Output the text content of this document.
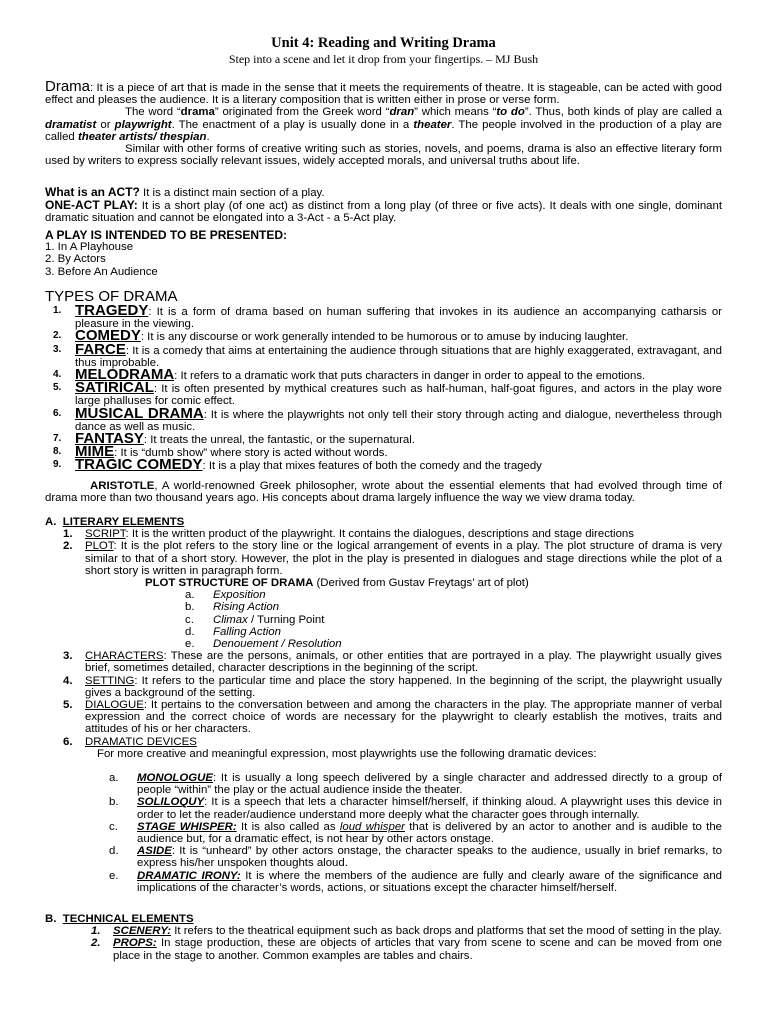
Unit 4: Reading and Writing Drama
Step into a scene and let it drop from your fingertips. – MJ Bush

Drama: It is a piece of art that is made in the sense that it meets the requirements of theatre. It is stageable, can be acted with good effect and pleases the audience. It is a literary composition that is written either in prose or verse form.

The word “drama” originated from the Greek word “dran” which means “to do”. Thus, both kinds of play are called a dramatist or playwright. The enactment of a play is usually done in a theater. The people involved in the production of a play are called theater artists/ thespian.

Similar with other forms of creative writing such as stories, novels, and poems, drama is also an effective literary form used by writers to express socially relevant issues, widely accepted morals, and universal truths about life.

What is an ACT? It is a distinct main section of a play.

ONE-ACT PLAY: It is a short play (of one act) as distinct from a long play (of three or five acts). It deals with one single, dominant dramatic situation and cannot be elongated into a 3-Act - a 5-Act play.

A PLAY IS INTENDED TO BE PRESENTED:

1. In A Playhouse

2. By Actors

3. Before An Audience

TYPES OF DRAMA

1. TRAGEDY: It is a form of drama based on human suffering that invokes in its audience an accompanying catharsis or pleasure in the viewing.
2. COMEDY: It is any discourse or work generally intended to be humorous or to amuse by inducing laughter.
3. FARCE: It is a comedy that aims at entertaining the audience through situations that are highly exaggerated, extravagant, and thus improbable.
4. MELODRAMA: It refers to a dramatic work that puts characters in danger in order to appeal to the emotions.
5. SATIRICAL: It is often presented by mythical creatures such as half-human, half-goat figures, and actors in the play wore large phalluses for comic effect.
6. MUSICAL DRAMA: It is where the playwrights not only tell their story through acting and dialogue, nevertheless through dance as well as music.
7. FANTASY: It treats the unreal, the fantastic, or the supernatural.
8. MIME: It is “dumb show” where story is acted without words.
9. TRAGIC COMEDY: It is a play that mixes features of both the comedy and the tragedy

ARISTOTLE, A world-renowned Greek philosopher, wrote about the essential elements that had evolved through time of drama more than two thousand years ago. His concepts about drama largely influence the way we view drama today.

A. LITERARY ELEMENTS

1. SCRIPT: It is the written product of the playwright. It contains the dialogues, descriptions and stage directions
2. PLOT: It is the plot refers to the story line or the logical arrangement of events in a play. The plot structure of drama is very similar to that of a short story. However, the plot in the play is presented in dialogues and stage directions while the plot of a short story is written in paragraph form.

PLOT STRUCTURE OF DRAMA (Derived from Gustav Freytags’ art of plot)

a. Exposition
b. Rising Action
c. Climax / Turning Point
d. Falling Action
e. Denouement / Resolution
3. CHARACTERS: These are the persons, animals, or other entities that are portrayed in a play. The playwright usually gives brief, sometimes detailed, character descriptions in the beginning of the script.
4. SETTING: It refers to the particular time and place the story happened. In the beginning of the script, the playwright usually gives a background of the setting.
5. DIALOGUE: It pertains to the conversation between and among the characters in the play. The appropriate manner of verbal expression and the correct choice of words are necessary for the playwright to clearly establish the motives, traits and attitudes of his or her characters.
6. DRAMATIC DEVICES

For more creative and meaningful expression, most playwrights use the following dramatic devices:

a. MONOLOGUE: It is usually a long speech delivered by a single character and addressed directly to a group of people “within” the play or the actual audience inside the theater.
b. SOLILOQUY: It is a speech that lets a character himself/herself, if thinking aloud. A playwright uses this device in order to let the reader/audience understand more deeply what the character goes through internally.
c. STAGE WHISPER: It is also called as loud whisper that is delivered by an actor to another and is audible to the audience but, for a dramatic effect, is not hear by other actors onstage.
d. ASIDE: It is “unheard” by other actors onstage, the character speaks to the audience, usually in brief remarks, to express his/her unspoken thoughts aloud.
e. DRAMATIC IRONY: It is where the members of the audience are fully and clearly aware of the significance and implications of the character’s words, actions, or situations except the character himself/herself.

B. TECHNICAL ELEMENTS

1. SCENERY: It refers to the theatrical equipment such as back drops and platforms that set the mood of setting in the play.
2. PROPS: In stage production, these are objects of articles that vary from scene to scene and can be moved from one place in the stage to another. Common examples are tables and chairs.
